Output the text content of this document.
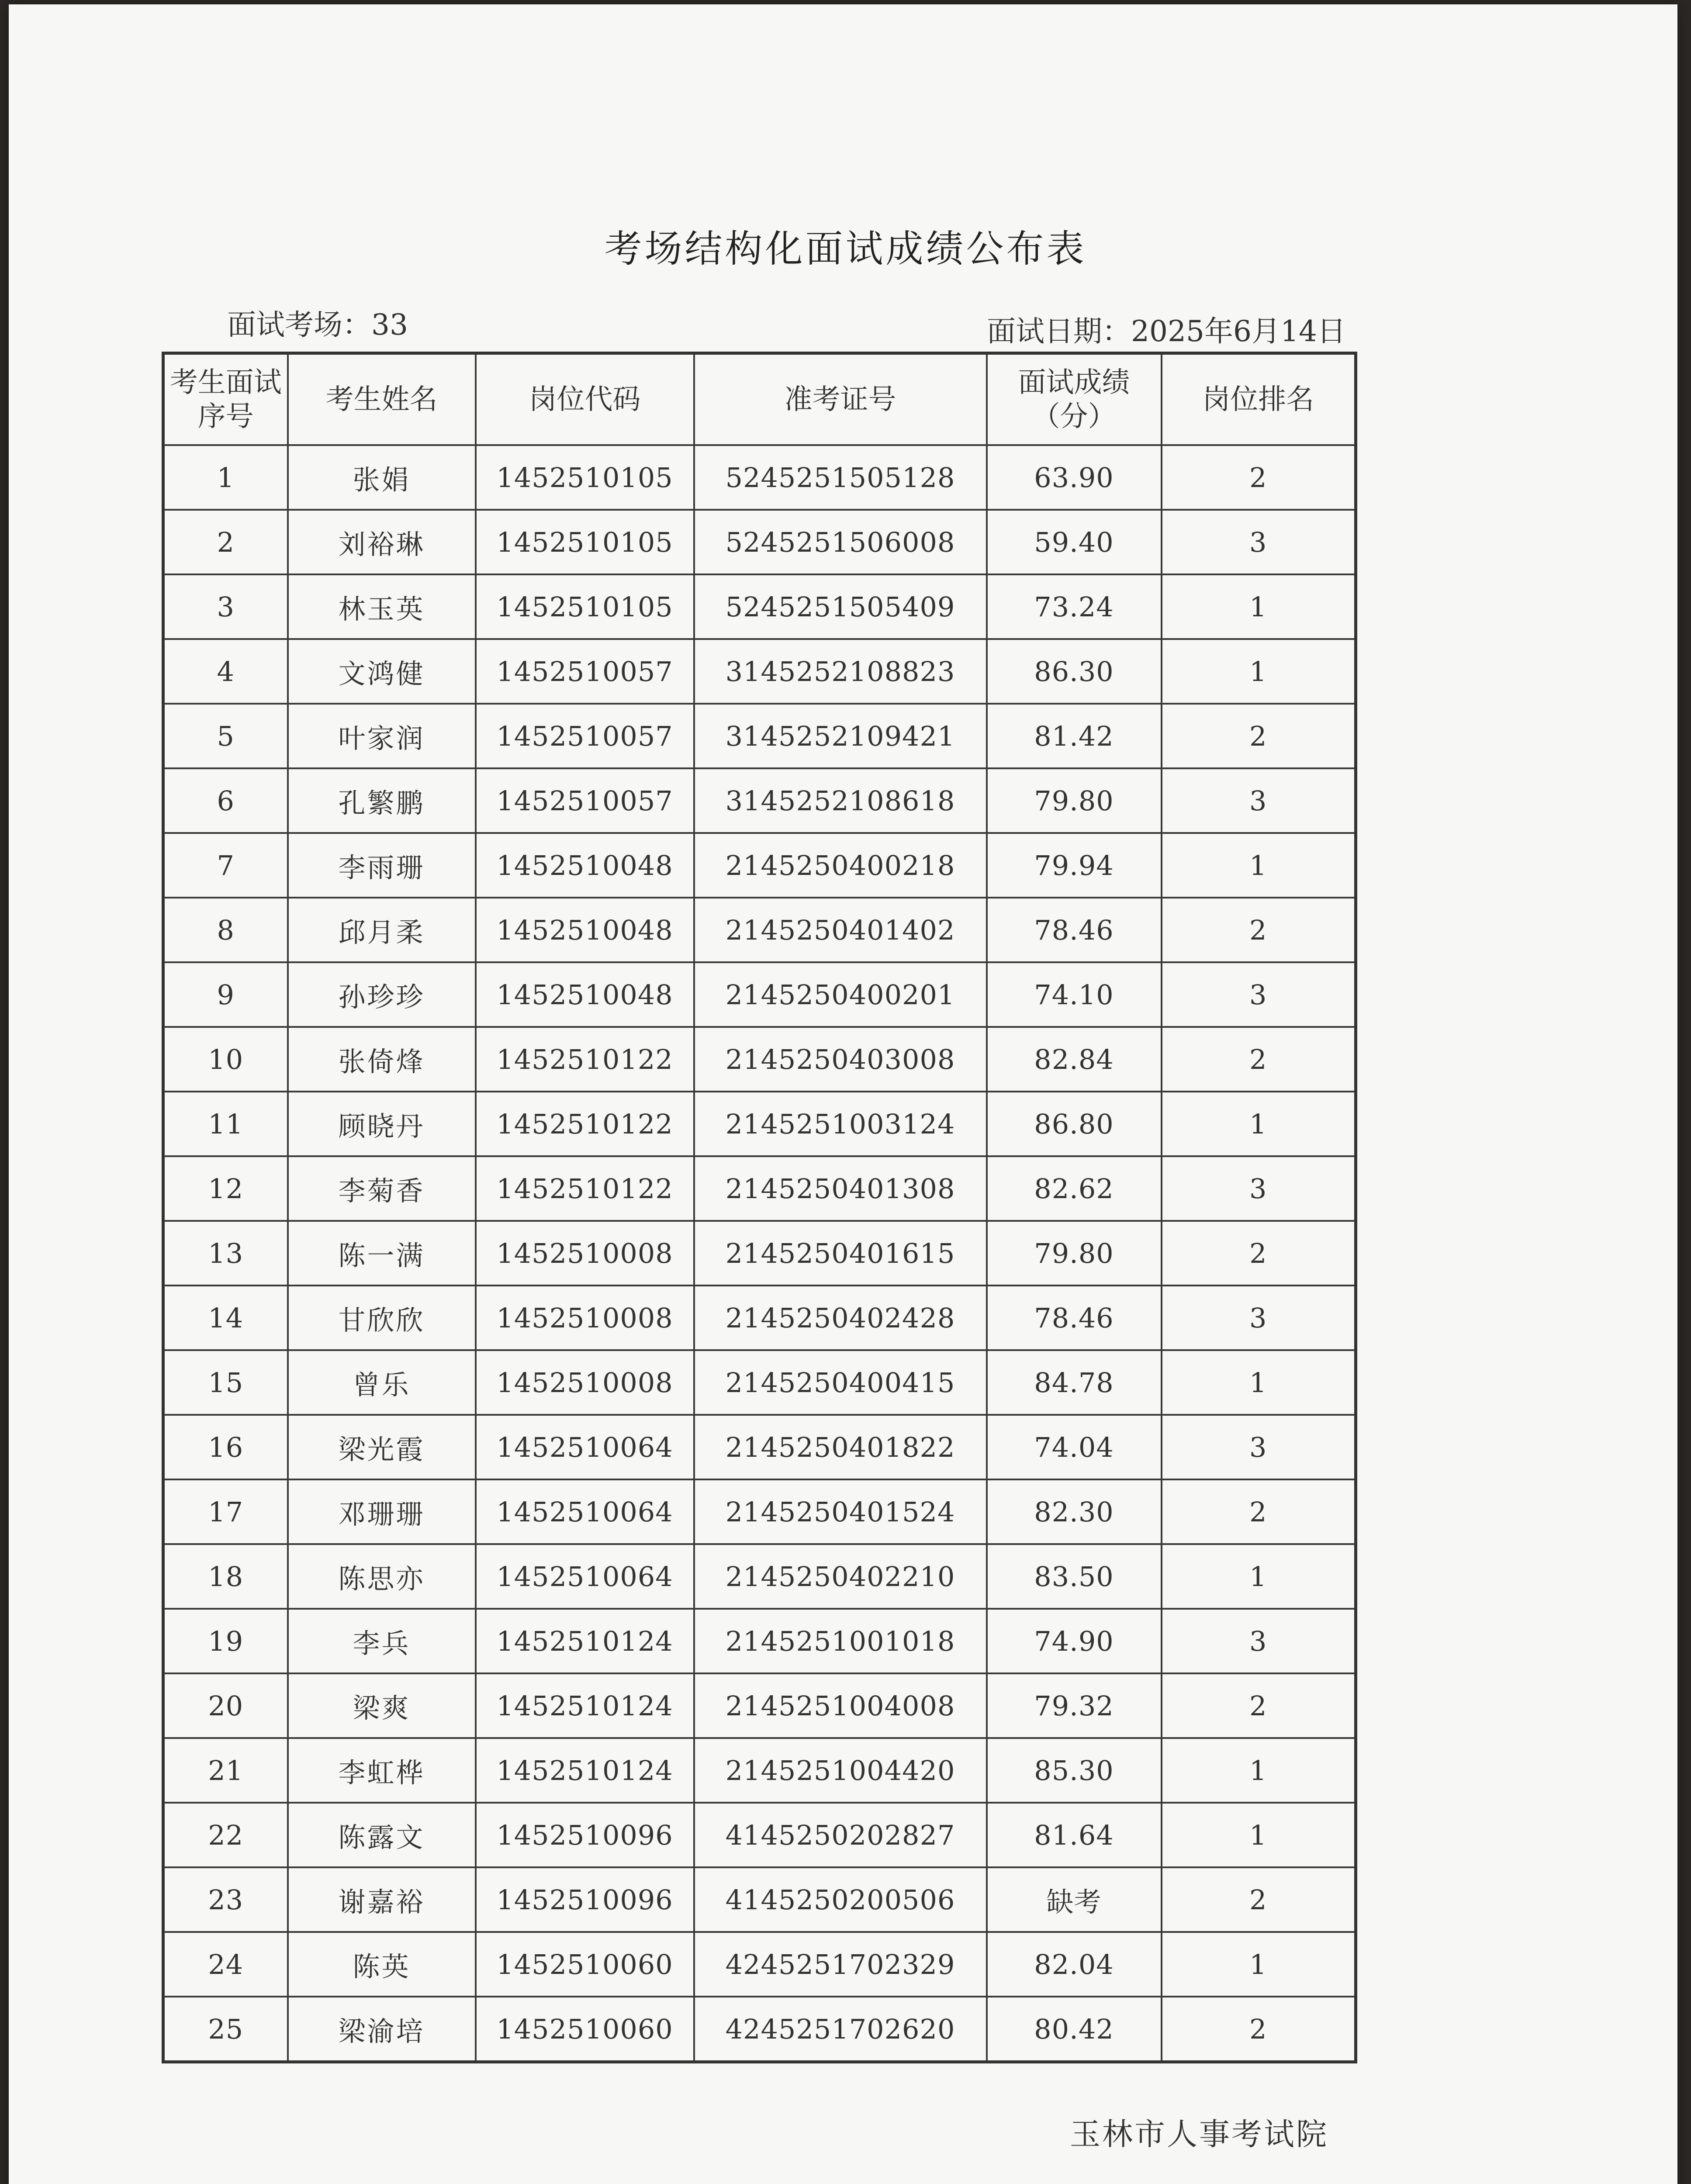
考场结构化面试成绩公布表
面试考场：33	面试日期：2025年6月14日
考生面试序号	考生姓名	岗位代码	准考证号	面试成绩（分）	岗位排名
1	张娟	1452510105	5245251505128	63.90	2
2	刘裕琳	1452510105	5245251506008	59.40	3
3	林玉英	1452510105	5245251505409	73.24	1
4	文鸿健	1452510057	3145252108823	86.30	1
5	叶家润	1452510057	3145252109421	81.42	2
6	孔繁鹏	1452510057	3145252108618	79.80	3
7	李雨珊	1452510048	2145250400218	79.94	1
8	邱月柔	1452510048	2145250401402	78.46	2
9	孙珍珍	1452510048	2145250400201	74.10	3
10	张倚烽	1452510122	2145250403008	82.84	2
11	顾晓丹	1452510122	2145251003124	86.80	1
12	李菊香	1452510122	2145250401308	82.62	3
13	陈一满	1452510008	2145250401615	79.80	2
14	甘欣欣	1452510008	2145250402428	78.46	3
15	曾乐	1452510008	2145250400415	84.78	1
16	梁光霞	1452510064	2145250401822	74.04	3
17	邓珊珊	1452510064	2145250401524	82.30	2
18	陈思亦	1452510064	2145250402210	83.50	1
19	李兵	1452510124	2145251001018	74.90	3
20	梁爽	1452510124	2145251004008	79.32	2
21	李虹桦	1452510124	2145251004420	85.30	1
22	陈露文	1452510096	4145250202827	81.64	1
23	谢嘉裕	1452510096	4145250200506	缺考	2
24	陈英	1452510060	4245251702329	82.04	1
25	梁渝培	1452510060	4245251702620	80.42	2
玉林市人事考试院
